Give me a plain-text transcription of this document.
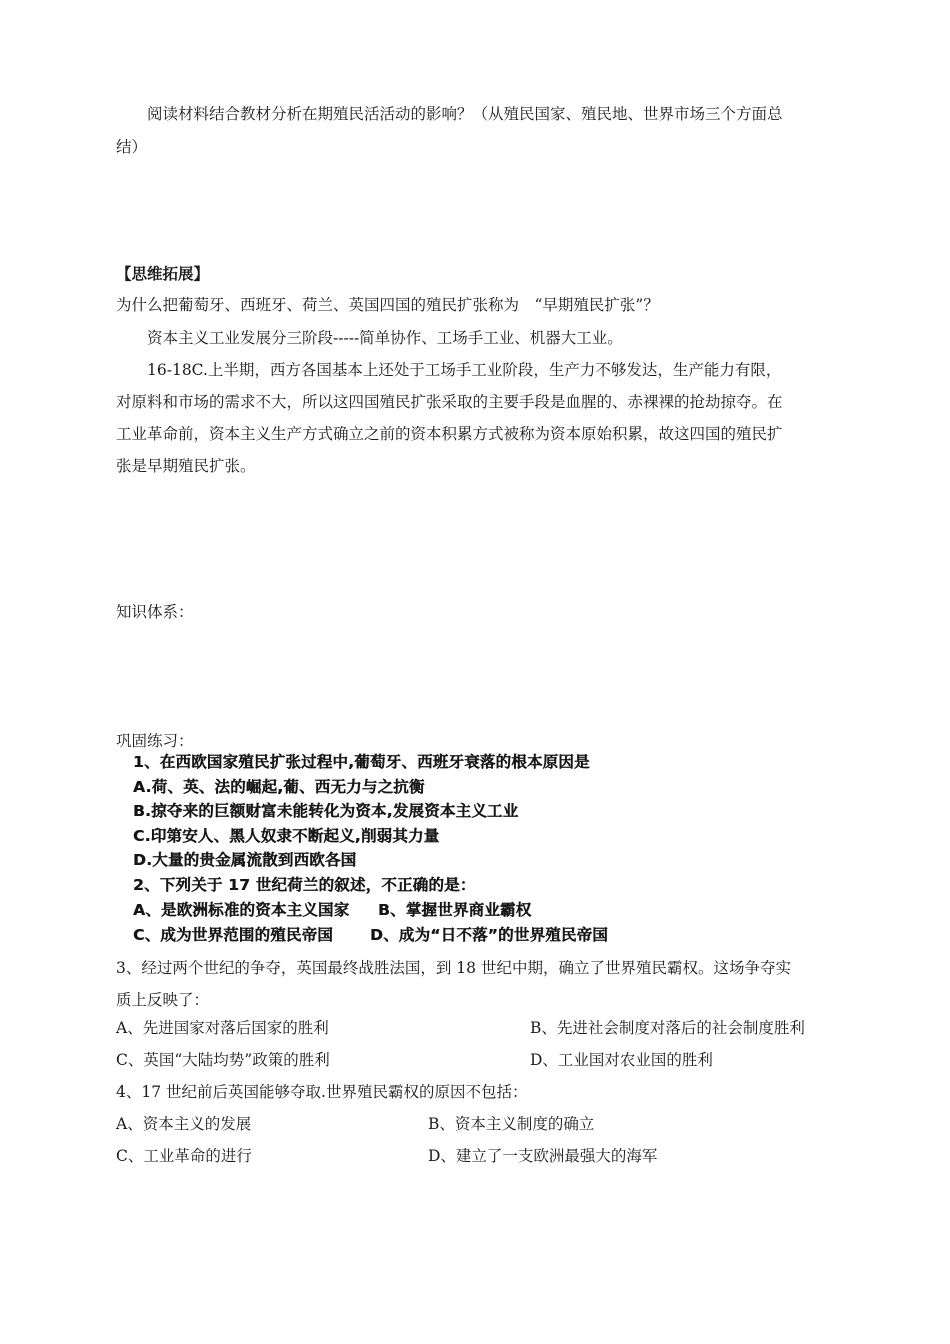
阅读材料结合教材分析在期殖民活活动的影响？（从殖民国家、殖民地、世界市场三个方面总
结）
【思维拓展】
为什么把葡萄牙、西班牙、荷兰、英国四国的殖民扩张称为　“早期殖民扩张”？
资本主义工业发展分三阶段-----简单协作、工场手工业、机器大工业。
16-18C.上半期，西方各国基本上还处于工场手工业阶段，生产力不够发达，生产能力有限，
对原料和市场的需求不大，所以这四国殖民扩张采取的主要手段是血腥的、赤裸裸的抢劫掠夺。在
工业革命前，资本主义生产方式确立之前的资本积累方式被称为资本原始积累，故这四国的殖民扩
张是早期殖民扩张。
知识体系：
巩固练习：
1、在西欧国家殖民扩张过程中,葡萄牙、西班牙衰落的根本原因是
A.荷、英、法的崛起,葡、西无力与之抗衡
B.掠夺来的巨额财富未能转化为资本,发展资本主义工业
C.印第安人、黑人奴隶不断起义,削弱其力量
D.大量的贵金属流散到西欧各国
2、下列关于 17 世纪荷兰的叙述，不正确的是：
A、是欧洲标准的资本主义国家 B、掌握世界商业霸权
C、成为世界范围的殖民帝国 D、成为“日不落”的世界殖民帝国
3、经过两个世纪的争夺，英国最终战胜法国，到 18 世纪中期，确立了世界殖民霸权。这场争夺实
质上反映了：
A、先进国家对落后国家的胜利	B、先进社会制度对落后的社会制度胜利
C、英国“大陆均势”政策的胜利	D、工业国对农业国的胜利
4、17 世纪前后英国能够夺取.世界殖民霸权的原因不包括：
A、资本主义的发展	B、资本主义制度的确立
C、工业革命的进行	D、建立了一支欧洲最强大的海军
